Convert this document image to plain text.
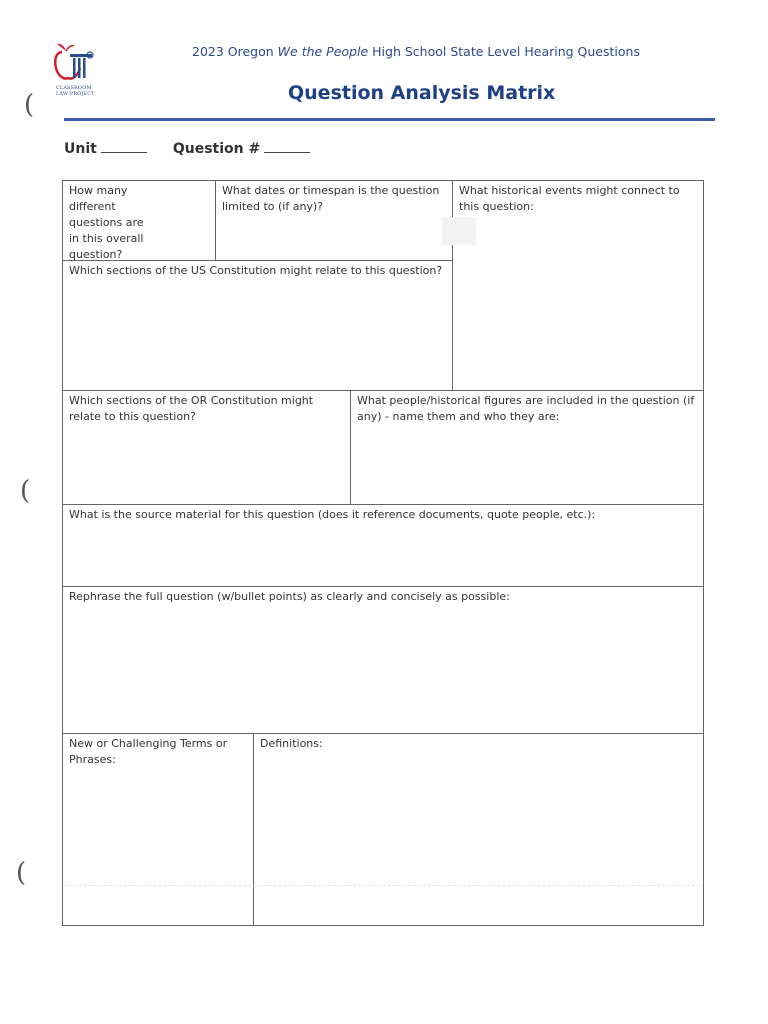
CLASSROOM LAW PROJECT
2023 Oregon We the People High School State Level Hearing Questions
Question Analysis Matrix
Unit	Question #
(
(
(
How many different questions are in this overall question?
What dates or timespan is the question limited to (if any)?
What historical events might connect to this question:
Which sections of the US Constitution might relate to this question?
Which sections of the OR Constitution might relate to this question?
What people/historical figures are included in the question (if any) - name them and who they are:
What is the source material for this question (does it reference documents, quote people, etc.):
Rephrase the full question (w/bullet points) as clearly and concisely as possible:
New or Challenging Terms or Phrases:
Definitions:
